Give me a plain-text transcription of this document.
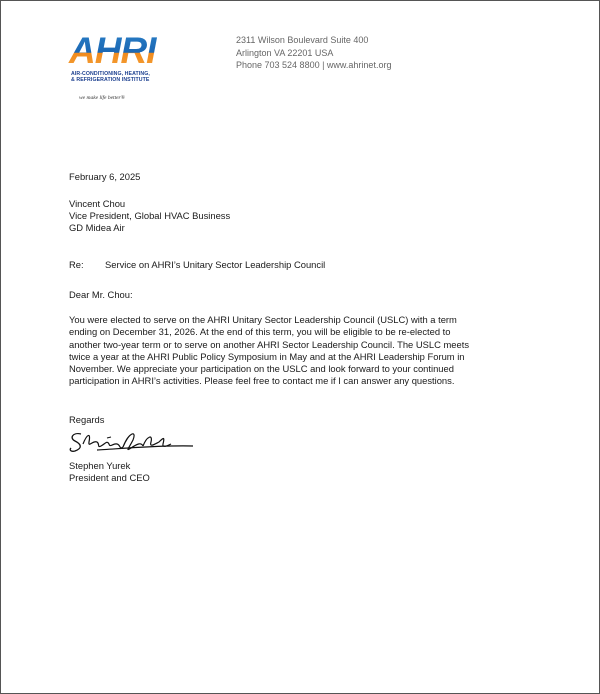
AHRI
AIR-CONDITIONING, HEATING,
& REFRIGERATION INSTITUTE
we make life better®
2311 Wilson Boulevard Suite 400
Arlington VA 22201 USA
Phone 703 524 8800 | www.ahrinet.org
February 6, 2025
Vincent Chou
Vice President, Global HVAC Business
GD Midea Air
Re: Service on AHRI’s Unitary Sector Leadership Council
Dear Mr. Chou:
You were elected to serve on the AHRI Unitary Sector Leadership Council (USLC) with a term
ending on December 31, 2026. At the end of this term, you will be eligible to be re-elected to
another two-year term or to serve on another AHRI Sector Leadership Council. The USLC meets
twice a year at the AHRI Public Policy Symposium in May and at the AHRI Leadership Forum in
November. We appreciate your participation on the USLC and look forward to your continued
participation in AHRI’s activities. Please feel free to contact me if I can answer any questions.
Regards
Stephen Yurek
President and CEO
